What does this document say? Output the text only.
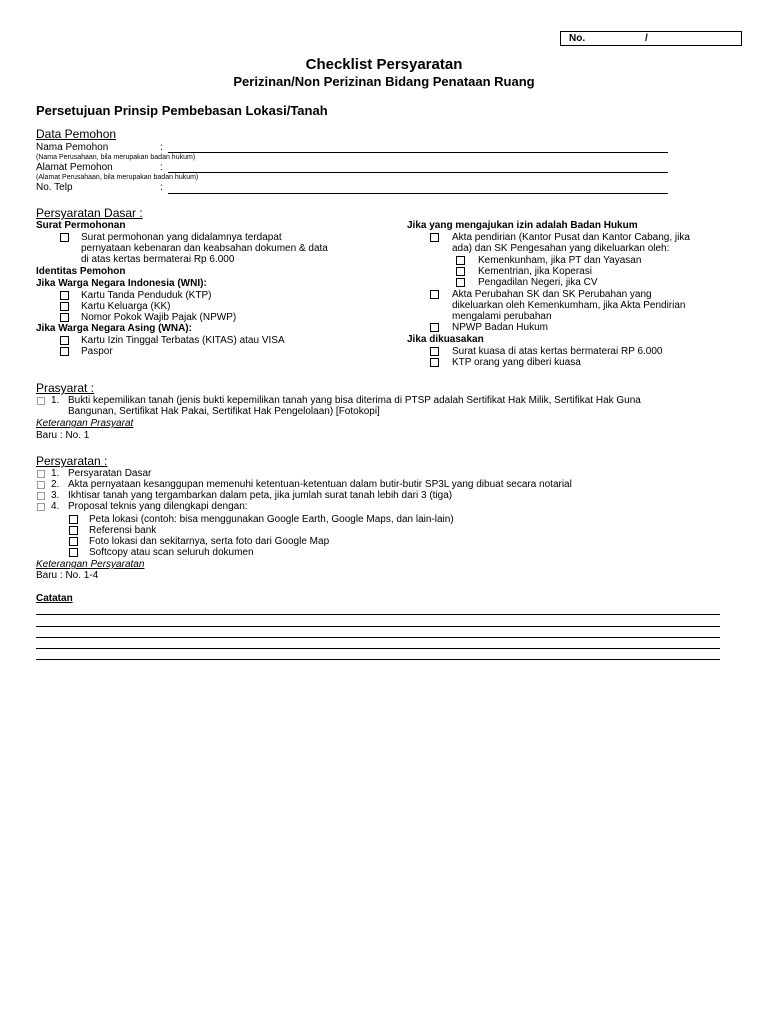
No.	/
Checklist Persyaratan
Perizinan/Non Perizinan Bidang Penataan Ruang
Persetujuan Prinsip Pembebasan Lokasi/Tanah
Data Pemohon
Nama Pemohon	:
(Nama Perusahaan, bila merupakan badan hukum)
Alamat Pemohon	:
(Alamat Perusahaan, bila merupakan badan hukum)
No. Telp	:
Persyaratan Dasar :
Surat Permohonan
Surat permohonan yang didalamnya terdapat
pernyataan kebenaran dan keabsahan dokumen & data
di atas kertas bermaterai Rp 6.000
Identitas Pemohon
Jika Warga Negara Indonesia (WNI):
Kartu Tanda Penduduk (KTP)
Kartu Keluarga (KK)
Nomor Pokok Wajib Pajak (NPWP)
Jika Warga Negara Asing (WNA):
Kartu Izin Tinggal Terbatas (KITAS) atau VISA
Paspor
Jika yang mengajukan izin adalah Badan Hukum
Akta pendirian (Kantor Pusat dan Kantor Cabang, jika
ada) dan SK Pengesahan yang dikeluarkan oleh:
Kemenkunham, jika PT dan Yayasan
Kementrian, jika Koperasi
Pengadilan Negeri, jika CV
Akta Perubahan SK dan SK Perubahan yang
dikeluarkan oleh Kemenkumham, jika Akta Pendirian
mengalami perubahan
NPWP Badan Hukum
Jika dikuasakan
Surat kuasa di atas kertas bermaterai RP 6.000
KTP orang yang diberi kuasa
Prasyarat :
1. Bukti kepemilikan tanah (jenis bukti kepemilikan tanah yang bisa diterima di PTSP adalah Sertifikat Hak Milik, Sertifikat Hak Guna
Bangunan, Sertifikat Hak Pakai, Sertifikat Hak Pengelolaan) [Fotokopi]
Keterangan Prasyarat
Baru : No. 1
Persyaratan :
1. Persyaratan Dasar
2. Akta pernyataan kesanggupan memenuhi ketentuan-ketentuan dalam butir-butir SP3L yang dibuat secara notarial
3. Ikhtisar tanah yang tergambarkan dalam peta, jika jumlah surat tanah lebih dari 3 (tiga)
4. Proposal teknis yang dilengkapi dengan:
Peta lokasi (contoh: bisa menggunakan Google Earth, Google Maps, dan lain-lain)
Referensi bank
Foto lokasi dan sekitarnya, serta foto dari Google Map
Softcopy atau scan seluruh dokumen
Keterangan Persyaratan
Baru : No. 1-4
Catatan
